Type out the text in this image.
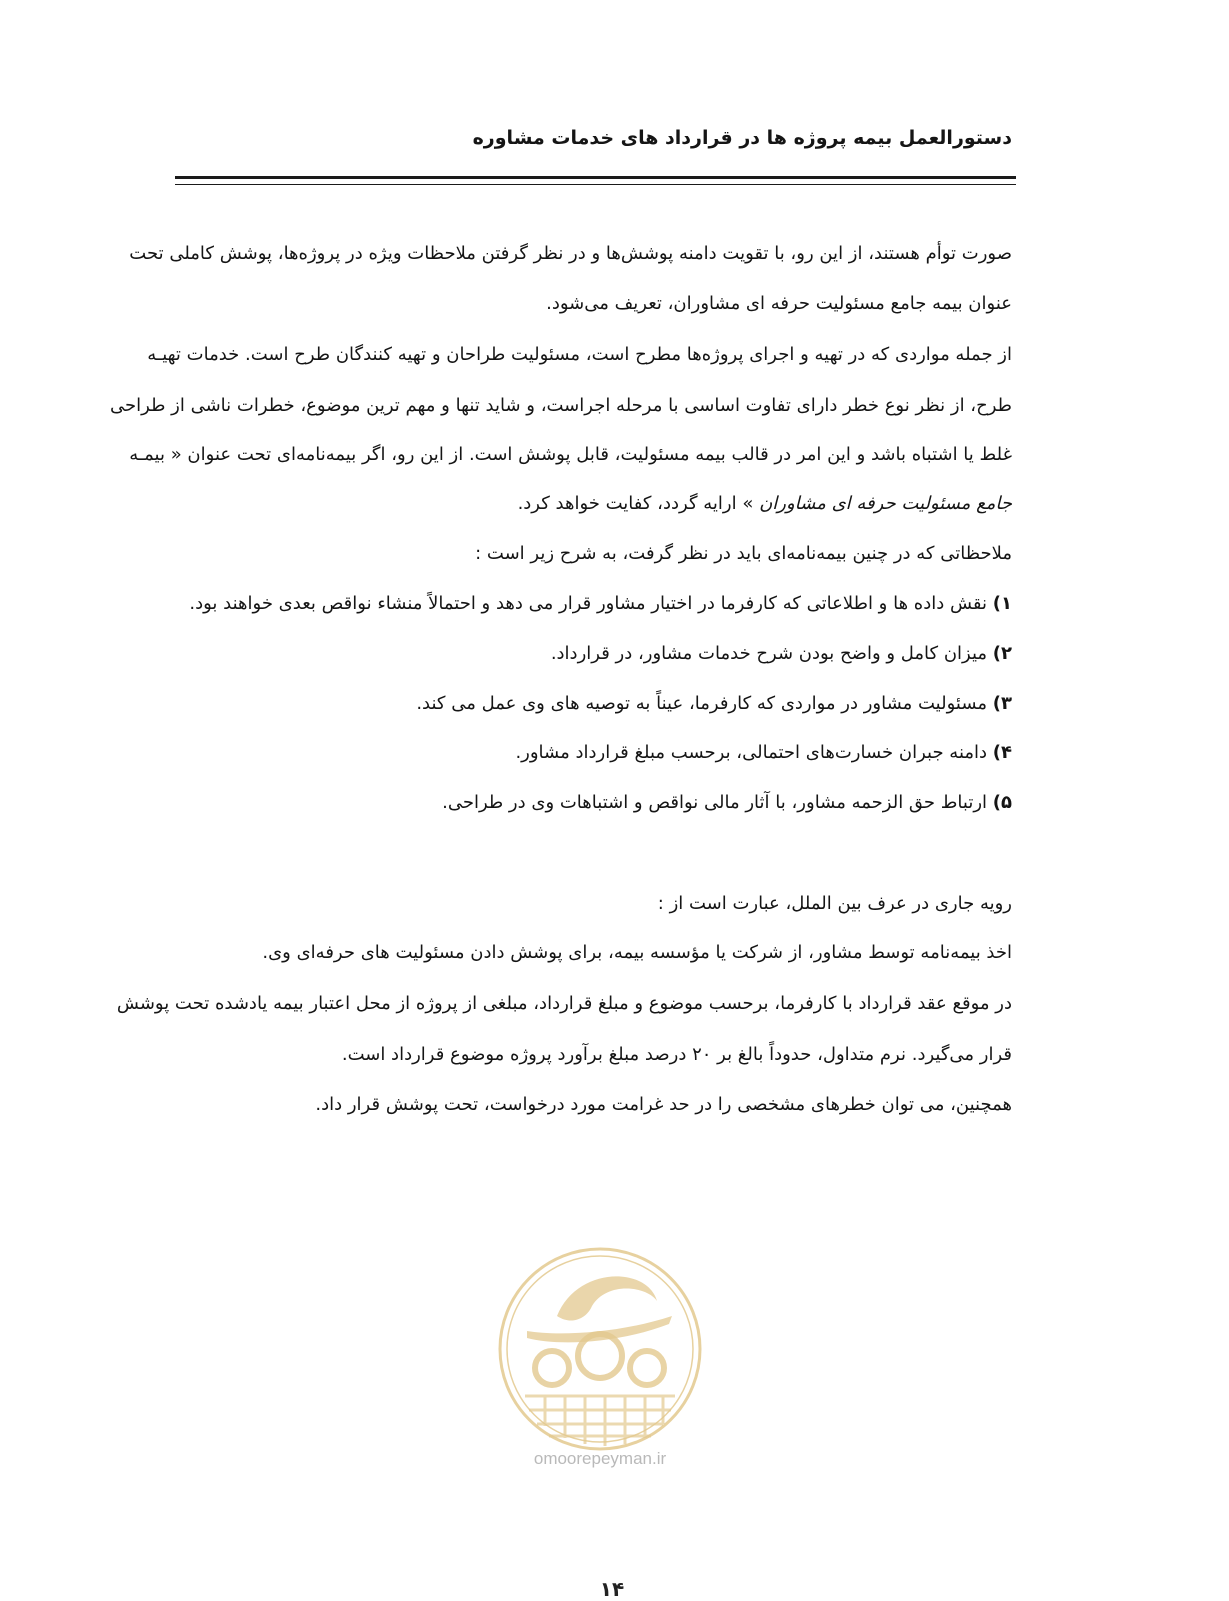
دستورالعمل بیمه پروژه ها در قرارداد های خدمات مشاوره
صورت توأم هستند، از این رو، با تقویت دامنه پوشش‌ها و در نظر گرفتن ملاحظات ویژه در پروژه‌ها، پوشش کاملی تحت
عنوان بیمه جامع مسئولیت حرفه ای مشاوران، تعریف می‌شود.
از جمله مواردی که در تهیه و اجرای پروژه‌ها مطرح است، مسئولیت طراحان و تهیه کنندگان طرح است. خدمات تهیـه
طرح، از نظر نوع خطر دارای تفاوت اساسی با مرحله اجراست، و شاید تنها و مهم ترین موضوع، خطرات ناشی از طراحی
غلط یا اشتباه باشد و این امر در قالب بیمه مسئولیت، قابل پوشش است. از این رو، اگر بیمه‌نامه‌ای تحت عنوان « بیمـه
جامع مسئولیت حرفه ای مشاوران » ارایه گردد، کفایت خواهد کرد.
ملاحظاتی که در چنین بیمه‌نامه‌ای باید در نظر گرفت، به شرح زیر است :
۱) نقش داده ها و اطلاعاتی که کارفرما در اختیار مشاور قرار می دهد و احتمالاً منشاء نواقص بعدی خواهند بود.
۲) میزان کامل و واضح بودن شرح خدمات مشاور، در قرارداد.
۳) مسئولیت مشاور در مواردی که کارفرما، عیناً به توصیه های وی عمل می کند.
۴) دامنه جبران خسارت‌های احتمالی، برحسب مبلغ قرارداد مشاور.
۵) ارتباط حق الزحمه مشاور، با آثار مالی نواقص و اشتباهات وی در طراحی.
رویه جاری در عرف بین الملل، عبارت است از :
اخذ بیمه‌نامه توسط مشاور، از شرکت یا مؤسسه بیمه، برای پوشش دادن مسئولیت های حرفه‌ای وی.
در موقع عقد قرارداد با کارفرما، برحسب موضوع و مبلغ قرارداد، مبلغی از پروژه از محل اعتبار بیمه یادشده تحت پوشش
قرار می‌گیرد. نرم متداول، حدوداً بالغ بر ۲۰ درصد مبلغ برآورد پروژه موضوع قرارداد است.
همچنین، می توان خطرهای مشخصی را در حد غرامت مورد درخواست، تحت پوشش قرار داد.
omoorepeyman.ir
۱۴
